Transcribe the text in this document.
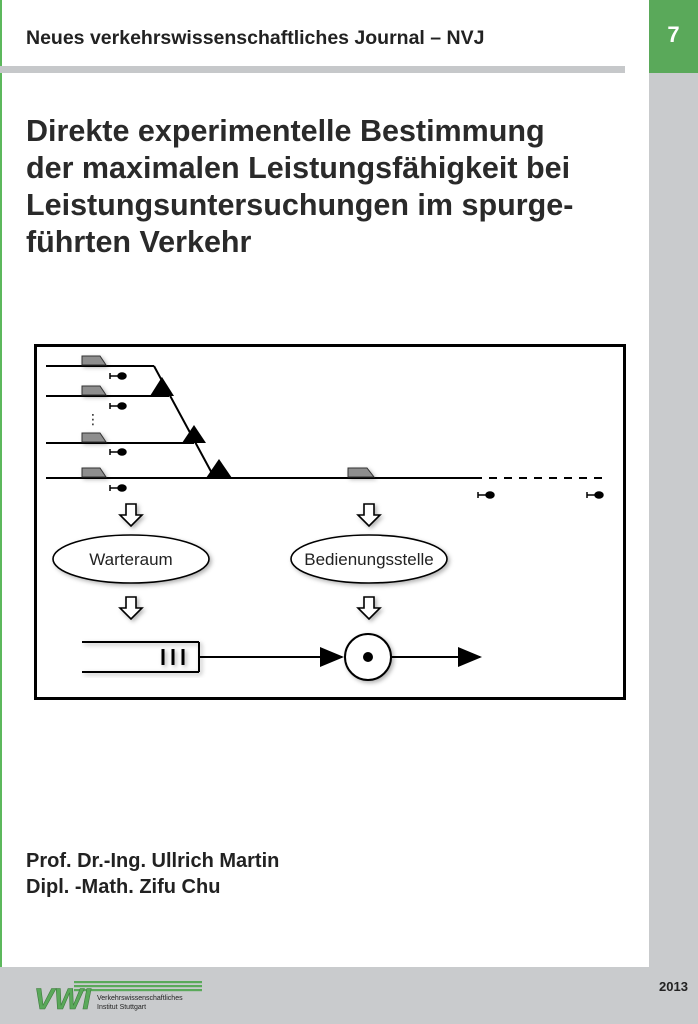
7
Neues verkehrswissenschaftliches Journal – NVJ
Direkte experimentelle Bestimmung
der maximalen Leistungsfähigkeit bei
Leistungsuntersuchungen im spurge-
führten Verkehr
⋮
Warteraum	Bedienungsstelle
Prof. Dr.-Ing. Ullrich Martin
Dipl. -Math. Zifu Chu
VWI Verkehrswissenschaftliches
Institut Stuttgart
2013
